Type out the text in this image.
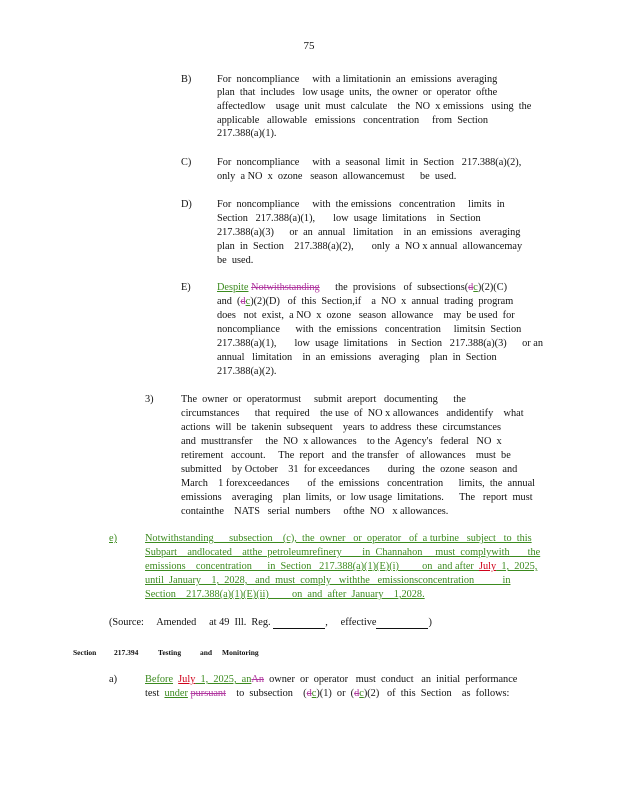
75
B) For  noncompliance     with  a limitationin  an  emissions  averaging
plan  that  includes   low usage  units,  the owner  or  operator  ofthe
affectedlow    usage  unit  must  calculate    the  NO  x emissions   using  the
applicable   allowable   emissions   concentration     from  Section
217.388(a)(1).
C) For  noncompliance     with  a  seasonal  limit  in  Section   217.388(a)(2),
only  a NO  x  ozone   season  allowancemust      be  used.
D) For  noncompliance     with  the emissions   concentration     limits  in
Section   217.388(a)(1),       low  usage  limitations    in  Section
217.388(a)(3)      or  an  annual   limitation    in  an  emissions   averaging
plan  in  Section    217.388(a)(2),       only  a  NO x annual  allowancemay
be  used.
E)	Despite Notwithstanding      the  provisions   of  subsections(dc)(2)(C)
and  (dc)(2)(D)   of  this  Section,if    a  NO  x  annual  trading  program
does   not  exist,  a NO  x  ozone   season  allowance    may  be used  for
noncompliance      with  the  emissions   concentration     limitsin  Section
217.388(a)(1),       low  usage  limitations    in  Section   217.388(a)(3)      or an
annual   limitation    in  an  emissions   averaging    plan  in  Section
217.388(a)(2).
3)	The  owner  or  operatormust     submit  areport   documenting      the
circumstances      that  required    the use  of  NO x allowances   andidentify    what
actions  will  be  takenin  subsequent    years  to address  these  circumstances
and  musttransfer     the  NO  x allowances    to the  Agency's   federal   NO  x
retirement   account.     The  report   and  the transfer   of  allowances    must  be
submitted    by October    31  for exceedances       during   the  ozone  season  and
March    1 forexceedances       of  the  emissions   concentration      limits,  the  annual
emissions    averaging    plan  limits,  or  low usage  limitations.      The   report  must
containthe    NATS   serial  numbers     ofthe  NO   x allowances.
e)	Notwithstanding      subsection    (c),  the  owner   or  operator   of  a turbine   subject   to  this
Subpart    andlocated    atthe  petroleumrefinery        in  Channahon     must  complywith       the
emissions    concentration      in  Section   217.388(a)(1)(E)(i)         on  and after  July  1,  2025,
until  January    1,  2028,   and  must  comply   withthe   emissionsconcentration           in
Section    217.388(a)(1)(E)(ii)         on  and  after  January    1,2028.
(Source: Amended at 49  Ill.  Reg.	, effective	)
Section 217.394	Testing	and Monitoring
a)	Before July  1,  2025,  anAn  owner  or  operator   must  conduct   an  initial  performance
test  under pursuant    to  subsection    (dc)(1)  or  (dc)(2)   of  this  Section    as  follows:
